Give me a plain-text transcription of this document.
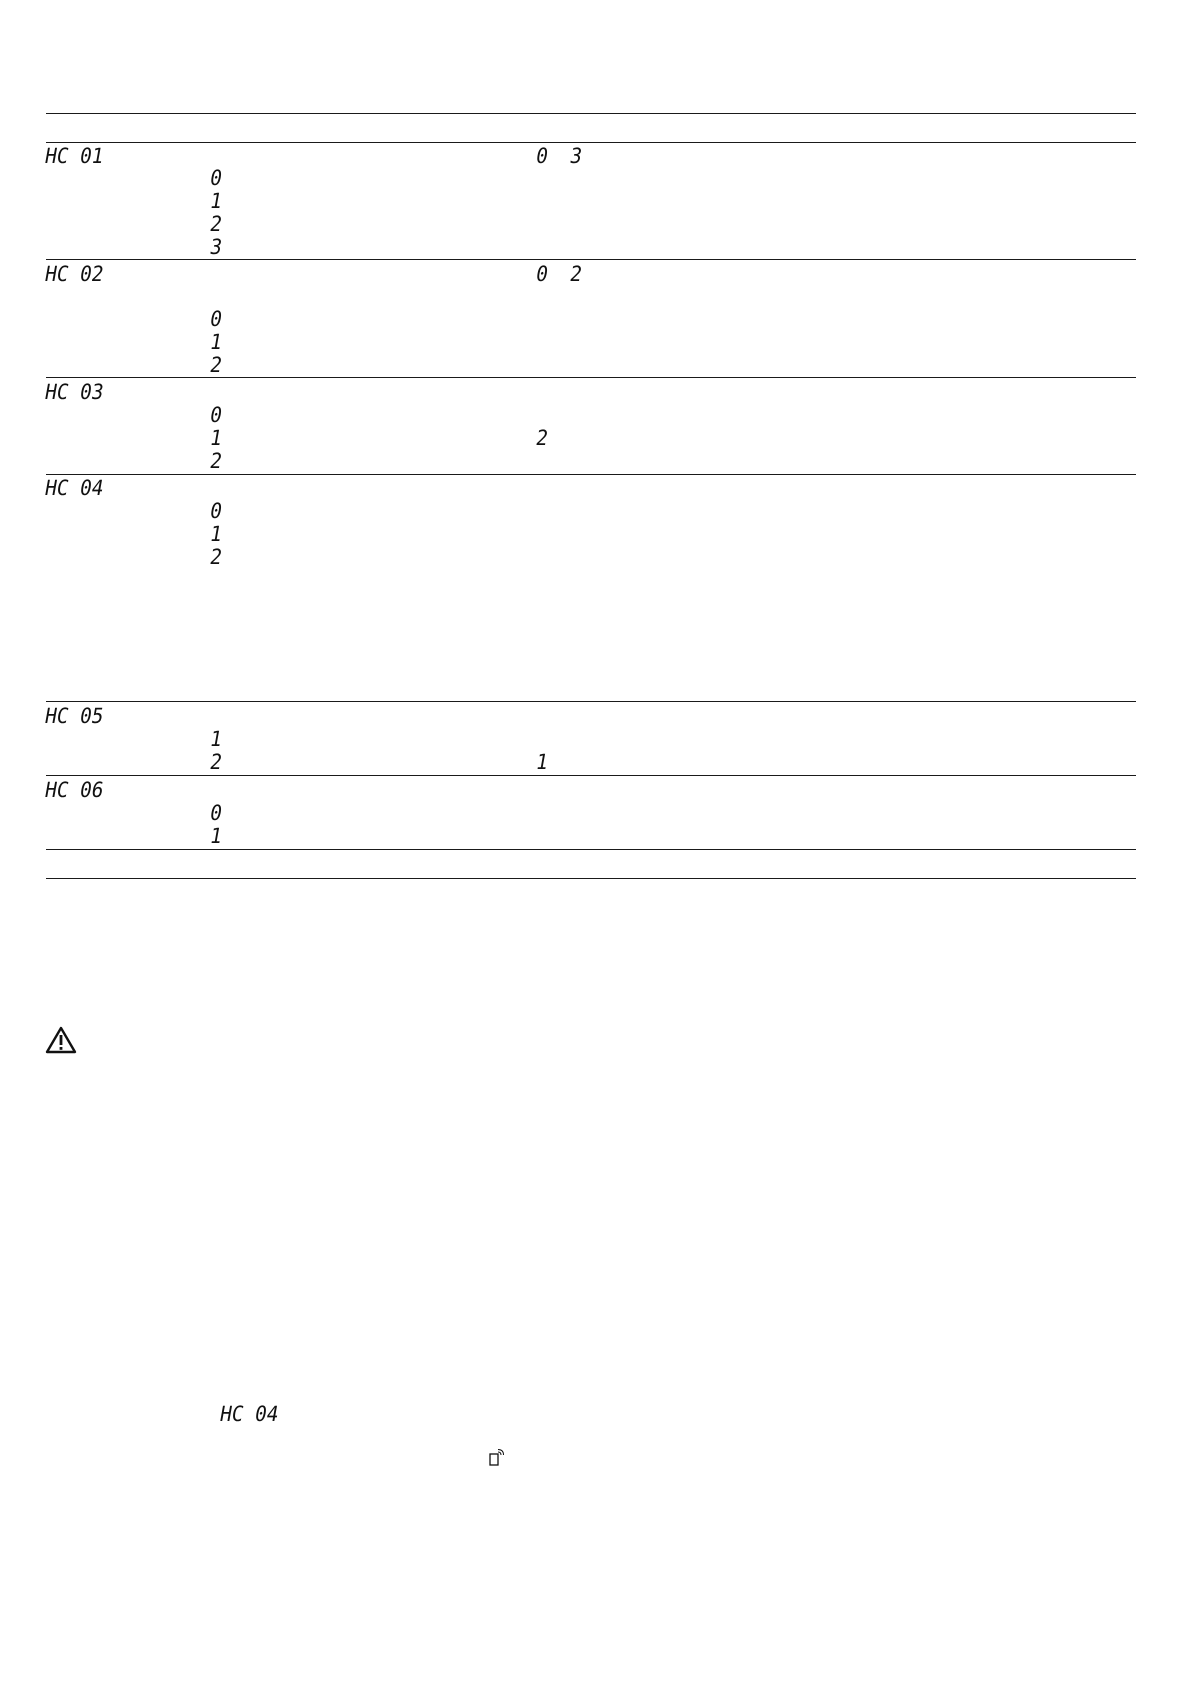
HC 01
0
1
2
3
0 3
HC 02
0
1
2
0 2
HC 03
0
1
2
2
HC 04
0
1
2
HC 05
1
2	1
HC 06
0
1
HC 04
